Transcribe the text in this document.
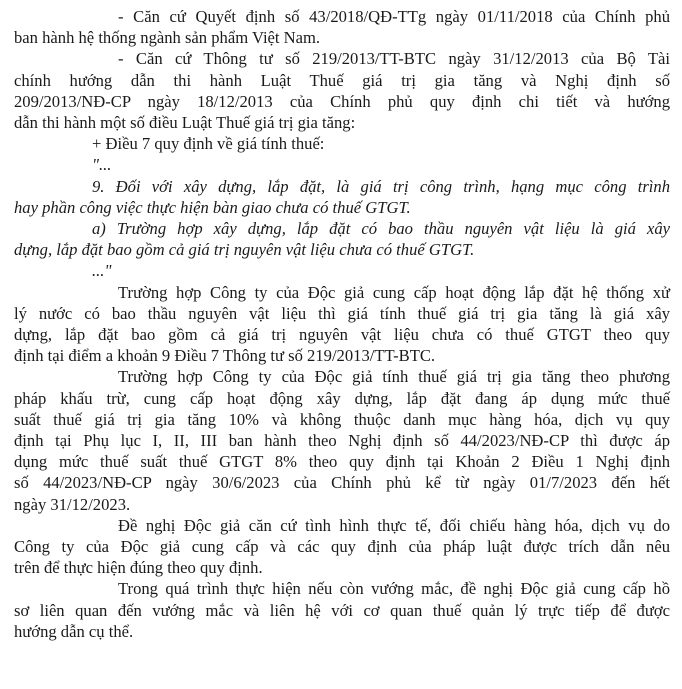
- Căn cứ Quyết định số 43/2018/QĐ-TTg ngày 01/11/2018 của Chính phủ
ban hành hệ thống ngành sản phẩm Việt Nam.
- Căn cứ Thông tư số 219/2013/TT-BTC ngày 31/12/2013 của Bộ Tài
chính hướng dẫn thi hành Luật Thuế giá trị gia tăng và Nghị định số
209/2013/NĐ-CP ngày 18/12/2013 của Chính phủ quy định chi tiết và hướng
dẫn thi hành một số điều Luật Thuế giá trị gia tăng:
+ Điều 7 quy định về giá tính thuế:
"...
9. Đối với xây dựng, lắp đặt, là giá trị công trình, hạng mục công trình
hay phần công việc thực hiện bàn giao chưa có thuế GTGT.
a) Trường hợp xây dựng, lắp đặt có bao thầu nguyên vật liệu là giá xây
dựng, lắp đặt bao gồm cả giá trị nguyên vật liệu chưa có thuế GTGT.
..."
Trường hợp Công ty của Độc giả cung cấp hoạt động lắp đặt hệ thống xử
lý nước có bao thầu nguyên vật liệu thì giá tính thuế giá trị gia tăng là giá xây
dựng, lắp đặt bao gồm cả giá trị nguyên vật liệu chưa có thuế GTGT theo quy
định tại điểm a khoản 9 Điều 7 Thông tư số 219/2013/TT-BTC.
Trường hợp Công ty của Độc giả tính thuế giá trị gia tăng theo phương
pháp khấu trừ, cung cấp hoạt động xây dựng, lắp đặt đang áp dụng mức thuế
suất thuế giá trị gia tăng 10% và không thuộc danh mục hàng hóa, dịch vụ quy
định tại Phụ lục I, II, III ban hành theo Nghị định số 44/2023/NĐ-CP thì được áp
dụng mức thuế suất thuế GTGT 8% theo quy định tại Khoản 2 Điều 1 Nghị định
số 44/2023/NĐ-CP ngày 30/6/2023 của Chính phủ kể từ ngày 01/7/2023 đến hết
ngày 31/12/2023.
Đề nghị Độc giả căn cứ tình hình thực tế, đối chiếu hàng hóa, dịch vụ do
Công ty của Độc giả cung cấp và các quy định của pháp luật được trích dẫn nêu
trên để thực hiện đúng theo quy định.
Trong quá trình thực hiện nếu còn vướng mắc, đề nghị Độc giả cung cấp hồ
sơ liên quan đến vướng mắc và liên hệ với cơ quan thuế quản lý trực tiếp để được
hướng dẫn cụ thể.
